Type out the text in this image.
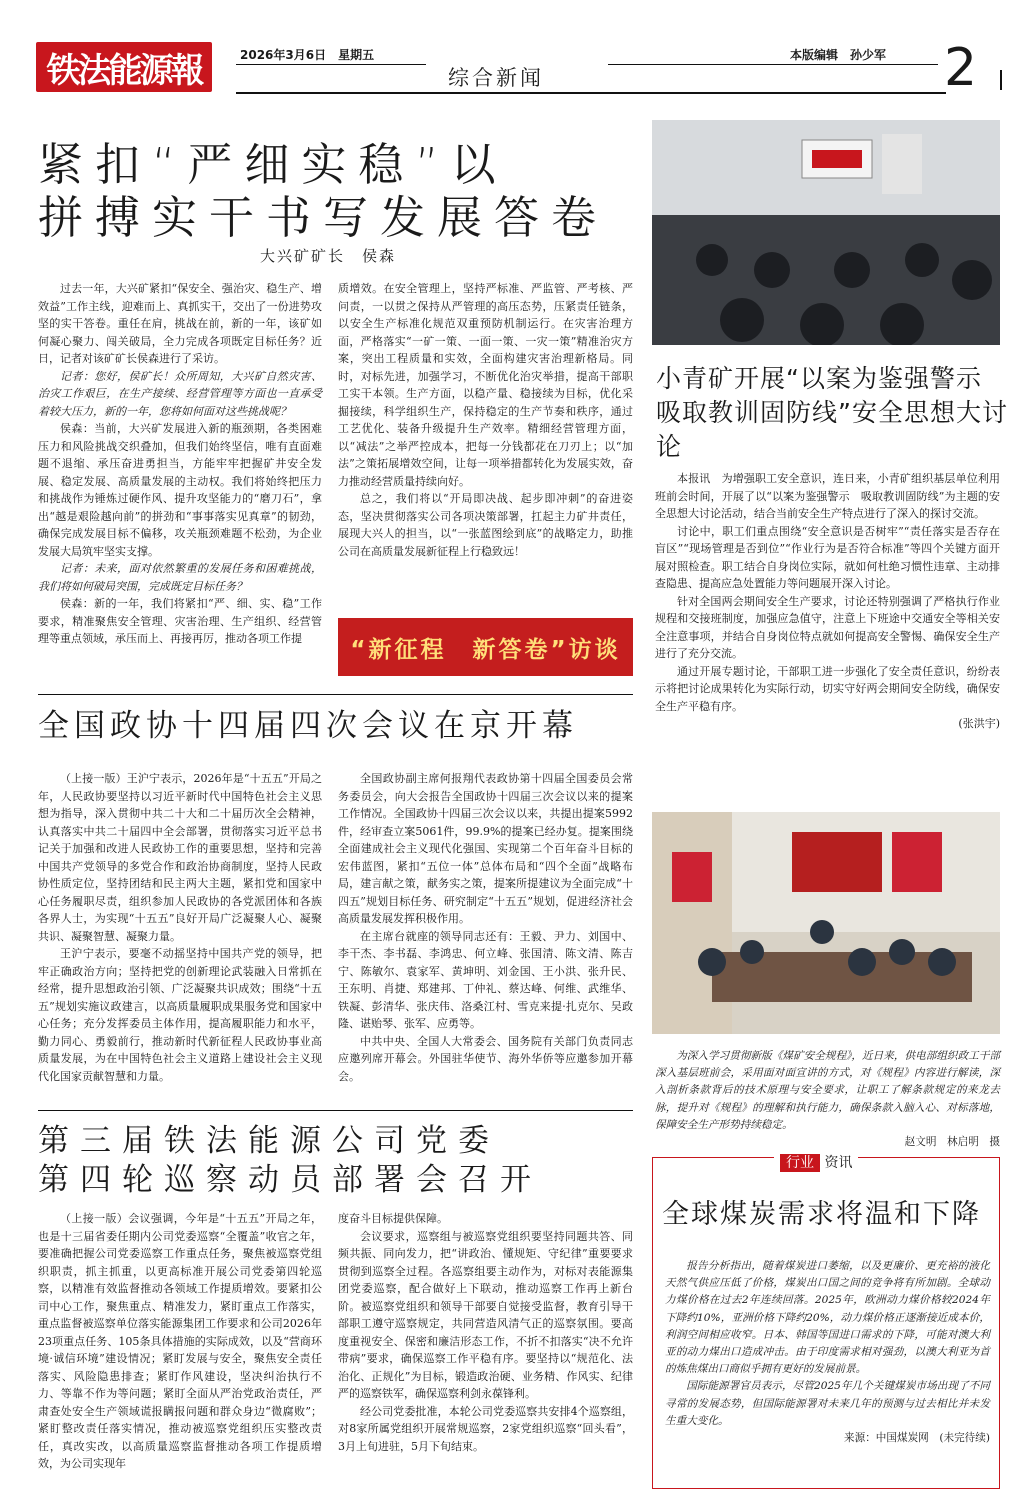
铁法能源報	2026年3月6日　星期五	本版编辑　孙少军
综合新闻	2
紧扣“严细实稳”以
拼搏实干书写发展答卷
大兴矿矿长　侯森

过去一年，大兴矿紧扣“保安全、强治灾、稳生产、增效益”工作主线，迎难而上、真抓实干，交出了一份进势攻坚的实干答卷。重任在肩，挑战在前，新的一年，该矿如何凝心聚力、闯关破局，全力完成各项既定目标任务？近日，记者对该矿矿长侯森进行了采访。

记者：您好，侯矿长！众所周知，大兴矿自然灾害、治灾工作艰巨，在生产接续、经营管理等方面也一直承受着较大压力，新的一年，您将如何面对这些挑战呢？

侯森：当前，大兴矿发展进入新的瓶颈期，各类困难压力和风险挑战交织叠加，但我们始终坚信，唯有直面难题不退缩、承压奋进勇担当，方能牢牢把握矿井安全发展、稳定发展、高质量发展的主动权。我们将始终把压力和挑战作为锤炼过硬作风、提升攻坚能力的“磨刀石”，拿出“越是艰险越向前”的拼劲和“事事落实见真章”的韧劲，确保完成发展目标不偏移，攻关瓶颈难题不松劲，为企业发展大局筑牢坚实支撑。

记者：未来，面对依然繁重的发展任务和困难挑战，我们将如何破局突围，完成既定目标任务？

侯森：新的一年，我们将紧扣“严、细、实、稳”工作要求，精准聚焦安全管理、灾害治理、生产组织、经营管理等重点领域，承压而上、再接再厉，推动各项工作提

质增效。在安全管理上，坚持严标准、严监管、严考核、严问责，一以贯之保持从严管理的高压态势，压紧责任链条，以安全生产标准化规范双重预防机制运行。在灾害治理方面，严格落实“一矿一策、一面一策、一灾一策”精准治灾方案，突出工程质量和实效，全面构建灾害治理新格局。同时，对标先进，加强学习，不断优化治灾举措，提高干部职工实干本领。生产方面，以稳产量、稳接续为目标，优化采掘接续，科学组织生产，保持稳定的生产节奏和秩序，通过工艺优化、装备升级提升生产效率。精细经营管理方面，以“减法”之举严控成本，把每一分钱都花在刀刃上；以“加法”之策拓展增效空间，让每一项举措都转化为发展实效，奋力推动经营质量持续向好。

总之，我们将以“开局即决战、起步即冲刺”的奋进姿态，坚决贯彻落实公司各项决策部署，扛起主力矿井责任，展现大兴人的担当，以“一张蓝图绘到底”的战略定力，助推公司在高质量发展新征程上行稳致远！

“新征程　新答卷”访谈
小青矿开展“以案为鉴强警示
吸取教训固防线”安全思想大讨论

本报讯　为增强职工安全意识，连日来，小青矿组织基层单位利用班前会时间，开展了以“以案为鉴强警示　吸取教训固防线”为主题的安全思想大讨论活动，结合当前安全生产特点进行了深入的探讨交流。

讨论中，职工们重点围绕“安全意识是否树牢”“责任落实是否存在盲区”“现场管理是否到位”“作业行为是否符合标准”等四个关键方面开展对照检查。职工结合自身岗位实际，就如何杜绝习惯性违章、主动排查隐患、提高应急处置能力等问题展开深入讨论。

针对全国两会期间安全生产要求，讨论还特别强调了严格执行作业规程和交接班制度，加强应急值守，注意上下班途中交通安全等相关安全注意事项，并结合自身岗位特点就如何提高安全警惕、确保安全生产进行了充分交流。

通过开展专题讨论，干部职工进一步强化了安全责任意识，纷纷表示将把讨论成果转化为实际行动，切实守好两会期间安全防线，确保安全生产平稳有序。

(张洪宇)
全国政协十四届四次会议在京开幕

（上接一版）王沪宁表示，2026年是“十五五”开局之年，人民政协要坚持以习近平新时代中国特色社会主义思想为指导，深入贯彻中共二十大和二十届历次全会精神，认真落实中共二十届四中全会部署，贯彻落实习近平总书记关于加强和改进人民政协工作的重要思想，坚持和完善中国共产党领导的多党合作和政治协商制度，坚持人民政协性质定位，坚持团结和民主两大主题，紧扣党和国家中心任务履职尽责，组织参加人民政协的各党派团体和各族各界人士，为实现“十五五”良好开局广泛凝聚人心、凝聚共识、凝聚智慧、凝聚力量。

王沪宁表示，要毫不动摇坚持中国共产党的领导，把牢正确政治方向；坚持把党的创新理论武装融入日常抓在经常，提升思想政治引领、广泛凝聚共识成效；围绕“十五五”规划实施议政建言，以高质量履职成果服务党和国家中心任务；充分发挥委员主体作用，提高履职能力和水平，勤力同心、勇毅前行，推动新时代新征程人民政协事业高质量发展，为在中国特色社会主义道路上建设社会主义现代化国家贡献智慧和力量。

全国政协副主席何报翔代表政协第十四届全国委员会常务委员会，向大会报告全国政协十四届三次会议以来的提案工作情况。全国政协十四届三次会议以来，共提出提案5992件，经审查立案5061件，99.9%的提案已经办复。提案围绕全面建成社会主义现代化强国、实现第二个百年奋斗目标的宏伟蓝图，紧扣“五位一体”总体布局和“四个全面”战略布局，建言献之策，献务实之策，提案所提建议为全面完成“十四五”规划目标任务、研究制定“十五五”规划，促进经济社会高质量发展发挥积极作用。

在主席台就座的领导同志还有：王毅、尹力、刘国中、李干杰、李书磊、李鸿忠、何立峰、张国清、陈文清、陈吉宁、陈敏尔、袁家军、黄坤明、刘金国、王小洪、张升民、王东明、肖捷、郑建邦、丁仲礼、蔡达峰、何维、武维华、铁凝、彭清华、张庆伟、洛桑江村、雪克来提·扎克尔、吴政隆、谌贻琴、张军、应勇等。

中共中央、全国人大常委会、国务院有关部门负责同志应邀列席开幕会。外国驻华使节、海外华侨等应邀参加开幕会。

为深入学习贯彻新版《煤矿安全规程》，近日来，供电部组织政工干部深入基层班前会，采用面对面宣讲的方式，对《规程》内容进行解读，深入剖析条款背后的技术原理与安全要求，让职工了解条款规定的来龙去脉，提升对《规程》的理解和执行能力，确保条款入脑入心、对标落地，保障安全生产形势持续稳定。

赵文明　林启明　摄
第三届铁法能源公司党委
第四轮巡察动员部署会召开

（上接一版）会议强调，今年是“十五五”开局之年，也是十三届省委任期内公司党委巡察“全覆盖”收官之年，要准确把握公司党委巡察工作重点任务，聚焦被巡察党组织职责，抓主抓重，以更高标准开展公司党委第四轮巡察，以精准有效监督推动各领域工作提质增效。要紧扣公司中心工作，聚焦重点、精准发力，紧盯重点工作落实，重点监督被巡察单位落实能源集团工作要求和公司2026年23项重点任务、105条具体措施的实际成效，以及“营商环境·诚信环境”建设情况；紧盯发展与安全，聚焦安全责任落实、风险隐患排查；紧盯作风建设，坚决纠治执行不力、等靠不作为等问题；紧盯全面从严治党政治责任，严肃查处安全生产领域谎报瞒报问题和群众身边“微腐败”；紧盯整改责任落实情况，推动被巡察党组织压实整改责任，真改实改，以高质量巡察监督推动各项工作提质增效，为公司实现年

度奋斗目标提供保障。

会议要求，巡察组与被巡察党组织要坚持同题共答、同频共振、同向发力，把“讲政治、懂规矩、守纪律”重要要求贯彻到巡察全过程。各巡察组要主动作为，对标对表能源集团党委巡察，配合做好上下联动，推动巡察工作再上新台阶。被巡察党组织和领导干部要自觉接受监督，教育引导干部职工遵守巡察规定，共同营造风清气正的巡察氛围。要高度重视安全、保密和廉洁形态工作，不折不扣落实“决不允许带病”要求，确保巡察工作平稳有序。要坚持以“规范化、法治化、正规化”为目标，锻造政治硬、业务精、作风实、纪律严的巡察铁军，确保巡察利剑永葆锋利。

经公司党委批准，本轮公司党委巡察共安排4个巡察组，对8家所属党组织开展常规巡察，2家党组织巡察“回头看”，3月上旬进驻，5月下旬结束。

行业 资讯
全球煤炭需求将温和下降

报告分析指出，随着煤炭进口萎缩，以及更廉价、更充裕的液化天然气供应压低了价格，煤炭出口国之间的竞争将有所加剧。全球动力煤价格在过去2年连续回落。2025年，欧洲动力煤价格较2024年下降约10%，亚洲价格下降约20%，动力煤价格正逐渐接近成本价，利润空间相应收窄。日本、韩国等国进口需求的下降，可能对澳大利亚的动力煤出口造成冲击。由于印度需求相对强劲，以澳大利亚为首的炼焦煤出口商似乎拥有更好的发展前景。

国际能源署官员表示，尽管2025年几个关键煤炭市场出现了不同寻常的发展态势，但国际能源署对未来几年的预测与过去相比并未发生重大变化。

来源：中国煤炭网　(未完待续)
